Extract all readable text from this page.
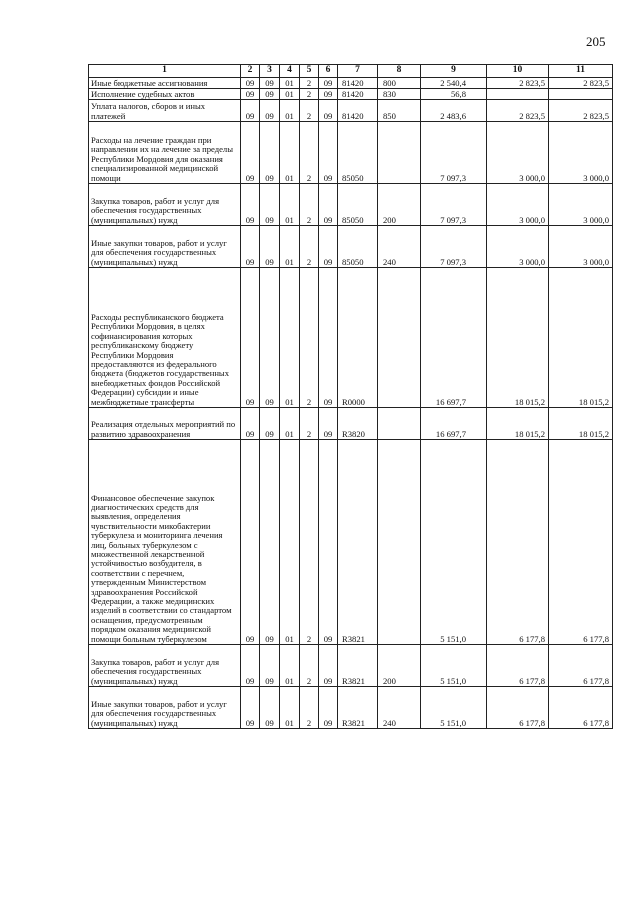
205
1	2	3	4	5	6	7	8	9	10	11
Иные бюджетные ассигнования	09	09	01	2	09	81420	800	2 540,4	2 823,5	2 823,5
Исполнение судебных актов	09	09	01	2	09	81420	830	56,8		
Уплата налогов, сборов и иных платежей	09	09	01	2	09	81420	850	2 483,6	2 823,5	2 823,5
Расходы на лечение граждан при направлении их на лечение за пределы Республики Мордовия для оказания специализированной медицинской помощи	09	09	01	2	09	85050		7 097,3	3 000,0	3 000,0
Закупка товаров, работ и услуг для обеспечения государственных (муниципальных) нужд	09	09	01	2	09	85050	200	7 097,3	3 000,0	3 000,0
Иные закупки товаров, работ и услуг для обеспечения государственных (муниципальных) нужд	09	09	01	2	09	85050	240	7 097,3	3 000,0	3 000,0
Расходы республиканского бюджета Республики Мордовия, в целях софинансирования которых республиканскому бюджету Республики Мордовия предоставляются из федерального бюджета (бюджетов государственных внебюджетных фондов Российской Федерации) субсидии и иные межбюджетные трансферты	09	09	01	2	09	R0000		16 697,7	18 015,2	18 015,2
Реализация отдельных мероприятий по развитию здравоохранения	09	09	01	2	09	R3820		16 697,7	18 015,2	18 015,2
Финансовое обеспечение закупок диагностических средств для выявления, определения чувствительности микобактерии туберкулеза и мониторинга лечения лиц, больных туберкулезом с множественной лекарственной устойчивостью возбудителя, в соответствии с перечнем, утвержденным Министерством здравоохранения Российской Федерации, а также медицинских изделий в соответствии со стандартом оснащения, предусмотренным порядком оказания медицинской помощи больным туберкулезом	09	09	01	2	09	R3821		5 151,0	6 177,8	6 177,8
Закупка товаров, работ и услуг для обеспечения государственных (муниципальных) нужд	09	09	01	2	09	R3821	200	5 151,0	6 177,8	6 177,8
Иные закупки товаров, работ и услуг для обеспечения государственных (муниципальных) нужд	09	09	01	2	09	R3821	240	5 151,0	6 177,8	6 177,8
